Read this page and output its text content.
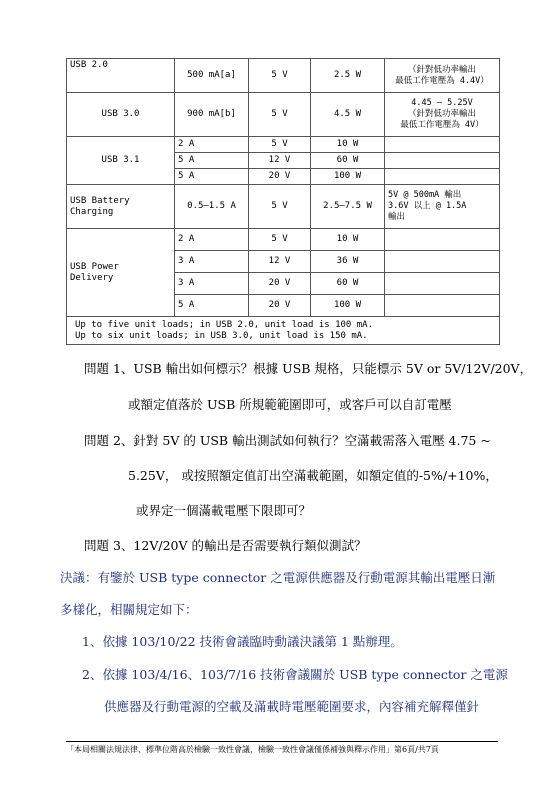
USB 2.0	500 mA[a]	5 V	2.5 W	（針對低功率輸出
最低工作電壓為 4.4V）
USB 3.0	900 mA[b]	5 V	4.5 W	4.45 – 5.25V
（針對低功率輸出
最低工作電壓為 4V）
USB 3.1	2 A	5 V	10 W	
	5 A	12 V	60 W	
	5 A	20 V	100 W	
USB Battery
Charging	0.5–1.5 A	5 V	2.5–7.5 W	5V @ 500mA 輸出
3.6V 以上 @ 1.5A
輸出
USB Power
Delivery	2 A	5 V	10 W	
	3 A	12 V	36 W	
	3 A	20 V	60 W	
	5 A	20 V	100 W	

Up to five unit loads; in USB 2.0, unit load is 100 mA.
Up to six unit loads; in USB 3.0, unit load is 150 mA.				
問題 1、USB 輸出如何標示？根據 USB 規格，只能標示 5V or 5V/12V/20V，
或額定值落於 USB 所規範範圍即可，或客戶可以自訂電壓
問題 2、針對 5V 的 USB 輸出測試如何執行？空滿載需落入電壓 4.75 ~
5.25V， 或按照額定值訂出空滿載範圍，如額定值的-5%/+10%，
或界定一個滿載電壓下限即可？
問題 3、12V/20V 的輸出是否需要執行類似測試？
決議：有鑒於 USB type connector 之電源供應器及行動電源其輸出電壓日漸
多樣化，相關規定如下：
1、依據 103/10/22 技術會議臨時動議決議第 1 點辦理。
2、依據 103/4/16、103/7/16 技術會議關於 USB type connector 之電源
供應器及行動電源的空載及滿載時電壓範圍要求，內容補充解釋僅針
「本局相關法規法律、標準位階高於檢驗一致性會議，檢驗一致性會議僅係補強與釋示作用」第6頁/共7頁
